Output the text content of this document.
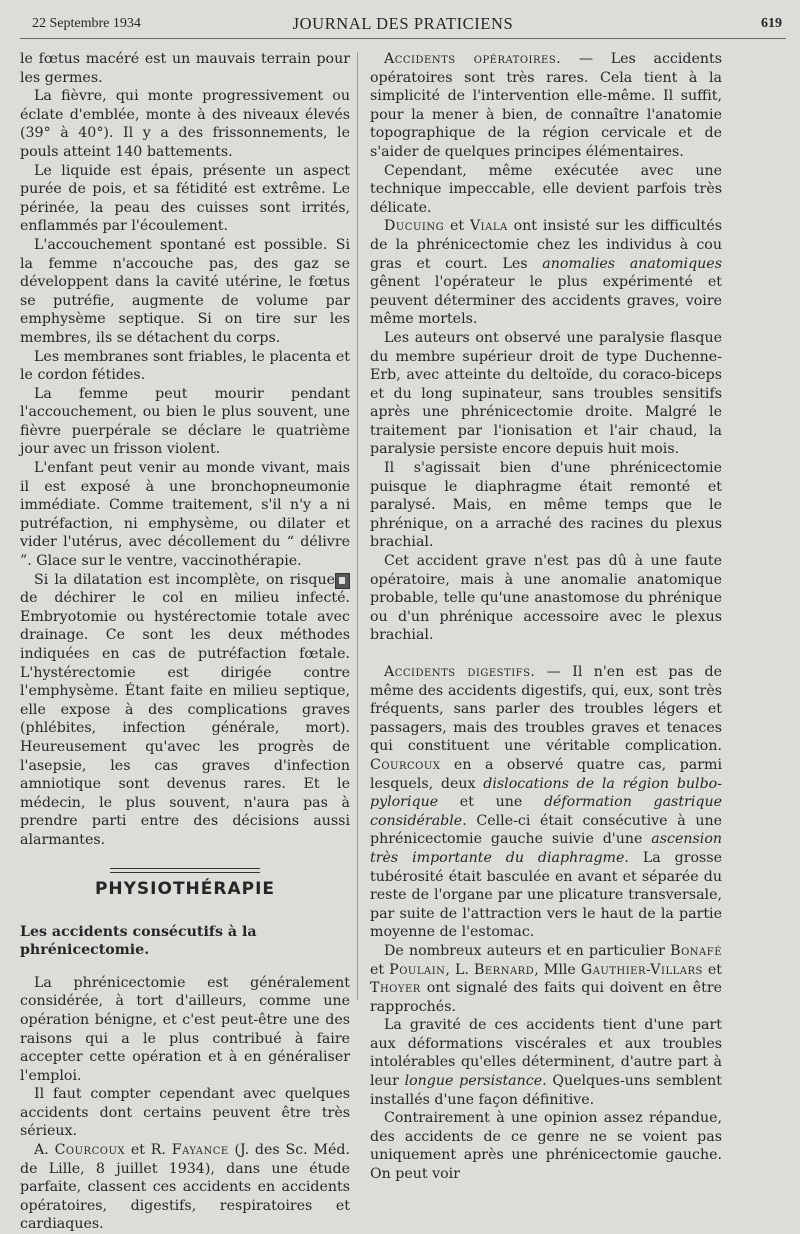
22 Septembre 1934	JOURNAL DES PRATICIENS	619

le fœtus macéré est un mauvais terrain pour les germes.

La fièvre, qui monte progressivement ou éclate d'emblée, monte à des niveaux élevés (39° à 40°). Il y a des frissonnements, le pouls atteint 140 battements.

Le liquide est épais, présente un aspect purée de pois, et sa fétidité est extrême. Le périnée, la peau des cuisses sont irrités, enflammés par l'écoulement.

L'accouchement spontané est possible. Si la femme n'accouche pas, des gaz se développent dans la cavité utérine, le fœtus se putréfie, augmente de volume par emphysème septique. Si on tire sur les membres, ils se détachent du corps.

Les membranes sont friables, le placenta et le cordon fétides.

La femme peut mourir pendant l'accouchement, ou bien le plus souvent, une fièvre puerpérale se déclare le quatrième jour avec un frisson violent.

L'enfant peut venir au monde vivant, mais il est exposé à une bronchopneumonie immédiate. Comme traitement, s'il n'y a ni putréfaction, ni emphysème, ou dilater et vider l'utérus, avec décollement du “ délivre ”. Glace sur le ventre, vaccinothérapie.

Si la dilatation est incomplète, on risque de déchirer le col en milieu infecté. Embryotomie ou hystérectomie totale avec drainage. Ce sont les deux méthodes indiquées en cas de putréfaction fœtale. L'hystérectomie est dirigée contre l'emphysème. Étant faite en milieu septique, elle expose à des complications graves (phlébites, infection générale, mort). Heureusement qu'avec les progrès de l'asepsie, les cas graves d'infection amniotique sont devenus rares. Et le médecin, le plus souvent, n'aura pas à prendre parti entre des décisions aussi alarmantes.

PHYSIOTHÉRAPIE
Les accidents consécutifs à la phrénicectomie.

La phrénicectomie est généralement considérée, à tort d'ailleurs, comme une opération bénigne, et c'est peut-être une des raisons qui a le plus contribué à faire accepter cette opération et à en généraliser l'emploi.

Il faut compter cependant avec quelques accidents dont certains peuvent être très sérieux.

A. Courcoux et R. Fayance (J. des Sc. Méd. de Lille, 8 juillet 1934), dans une étude parfaite, classent ces accidents en accidents opératoires, digestifs, respiratoires et cardiaques.

Accidents opératoires. — Les accidents opératoires sont très rares. Cela tient à la simplicité de l'intervention elle-même. Il suffit, pour la mener à bien, de connaître l'anatomie topographique de la région cervicale et de s'aider de quelques principes élémentaires.

Cependant, même exécutée avec une technique impeccable, elle devient parfois très délicate.

Ducuing et Viala ont insisté sur les difficultés de la phrénicectomie chez les individus à cou gras et court. Les anomalies anatomiques gênent l'opérateur le plus expérimenté et peuvent déterminer des accidents graves, voire même mortels.

Les auteurs ont observé une paralysie flasque du membre supérieur droit de type Duchenne-Erb, avec atteinte du deltoïde, du coraco-biceps et du long supinateur, sans troubles sensitifs après une phrénicectomie droite. Malgré le traitement par l'ionisation et l'air chaud, la paralysie persiste encore depuis huit mois.

Il s'agissait bien d'une phrénicectomie puisque le diaphragme était remonté et paralysé. Mais, en même temps que le phrénique, on a arraché des racines du plexus brachial.

Cet accident grave n'est pas dû à une faute opératoire, mais à une anomalie anatomique probable, telle qu'une anastomose du phrénique ou d'un phrénique accessoire avec le plexus brachial.

Accidents digestifs. — Il n'en est pas de même des accidents digestifs, qui, eux, sont très fréquents, sans parler des troubles légers et passagers, mais des troubles graves et tenaces qui constituent une véritable complication. Courcoux en a observé quatre cas, parmi lesquels, deux dislocations de la région bulbo-pylorique et une déformation gastrique considérable. Celle-ci était consécutive à une phrénicectomie gauche suivie d'une ascension très importante du diaphragme. La grosse tubérosité était basculée en avant et séparée du reste de l'organe par une plicature transversale, par suite de l'attraction vers le haut de la partie moyenne de l'estomac.

De nombreux auteurs et en particulier Bonafé et Poulain, L. Bernard, Mlle Gauthier-Villars et Thoyer ont signalé des faits qui doivent en être rapprochés.

La gravité de ces accidents tient d'une part aux déformations viscérales et aux troubles intolérables qu'elles déterminent, d'autre part à leur longue persistance. Quelques-uns semblent installés d'une façon définitive.

Contrairement à une opinion assez répandue, des accidents de ce genre ne se voient pas uniquement après une phrénicectomie gauche. On peut voir
